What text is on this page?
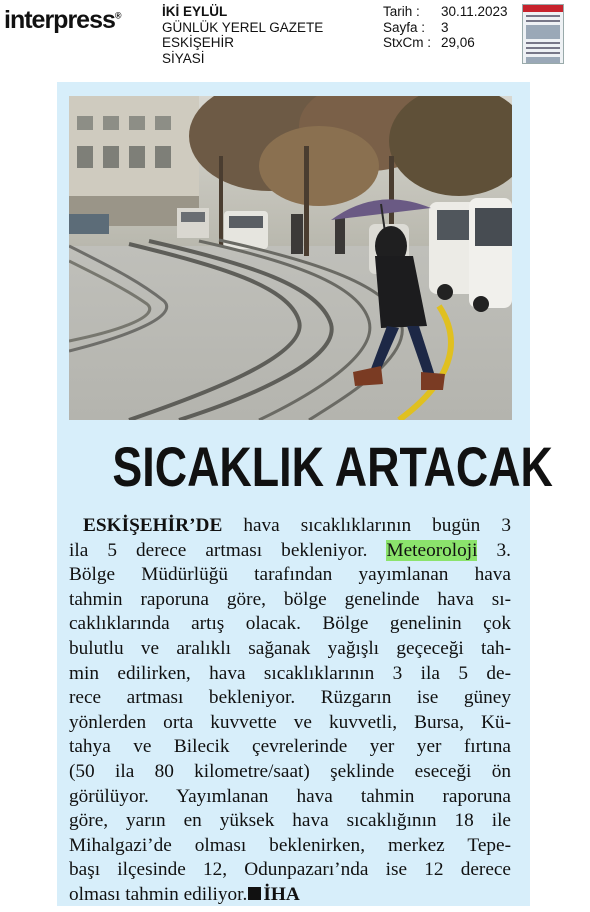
interpress®	İKİ EYLÜL
GÜNLÜK YEREL GAZETE
ESKİŞEHİR
SİYASİ
Tarih :	30.11.2023
Sayfa :	3
StxCm : 29,06
SICAKLIK ARTACAK
ESKİŞEHİR’DE hava sıcaklıklarının bugün 3
ila 5 derece artması bekleniyor. Meteoroloji 3.
Bölge Müdürlüğü tarafından yayımlanan hava
tahmin raporuna göre, bölge genelinde hava sı-
caklıklarında artış olacak. Bölge genelinin çok
bulutlu ve aralıklı sağanak yağışlı geçeceği tah-
min edilirken, hava sıcaklıklarının 3 ila 5 de-
rece artması bekleniyor. Rüzgarın ise güney
yönlerden orta kuvvette ve kuvvetli, Bursa, Kü-
tahya ve Bilecik çevrelerinde yer yer fırtına
(50 ila 80 kilometre/saat) şeklinde eseceği ön
görülüyor. Yayımlanan hava tahmin raporuna
göre, yarın en yüksek hava sıcaklığının 18 ile
Mihalgazi’de olması beklenirken, merkez Tepe-
başı ilçesinde 12, Odunpazarı’nda ise 12 derece
olması tahmin ediliyor. İHA
